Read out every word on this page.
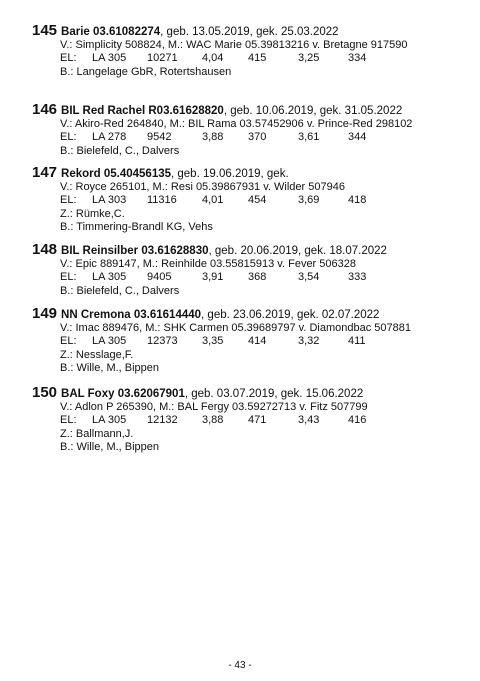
145 Barie 03.61082274, geb. 13.05.2019, gek. 25.03.2022
V.: Simplicity 508824, M.: WAC Marie 05.39813216 v. Bretagne 917590
EL:	LA 305	10271	4,04	415	3,25	334
B.: Langelage GbR, Rotertshausen
146 BIL Red Rachel R03.61628820, geb. 10.06.2019, gek. 31.05.2022
V.: Akiro-Red 264840, M.: BIL Rama 03.57452906 v. Prince-Red 298102
EL:	LA 278	9542	3,88	370	3,61	344
B.: Bielefeld, C., Dalvers
147 Rekord 05.40456135, geb. 19.06.2019, gek.
V.: Royce 265101, M.: Resi 05.39867931 v. Wilder 507946
EL:	LA 303	11316	4,01	454	3,69	418
Z.: Rümke,C.
B.: Timmering-Brandl KG, Vehs
148 BIL Reinsilber 03.61628830, geb. 20.06.2019, gek. 18.07.2022
V.: Epic 889147, M.: Reinhilde 03.55815913 v. Fever 506328
EL:	LA 305	9405	3,91	368	3,54	333
B.: Bielefeld, C., Dalvers
149 NN Cremona 03.61614440, geb. 23.06.2019, gek. 02.07.2022
V.: Imac 889476, M.: SHK Carmen 05.39689797 v. Diamondbac 507881
EL:	LA 305	12373	3,35	414	3,32	411
Z.: Nesslage,F.
B.: Wille, M., Bippen
150 BAL Foxy 03.62067901, geb. 03.07.2019, gek. 15.06.2022
V.: Adlon P 265390, M.: BAL Fergy 03.59272713 v. Fitz 507799
EL:	LA 305	12132	3,88	471	3,43	416
Z.: Ballmann,J.
B.: Wille, M., Bippen
- 43 -
